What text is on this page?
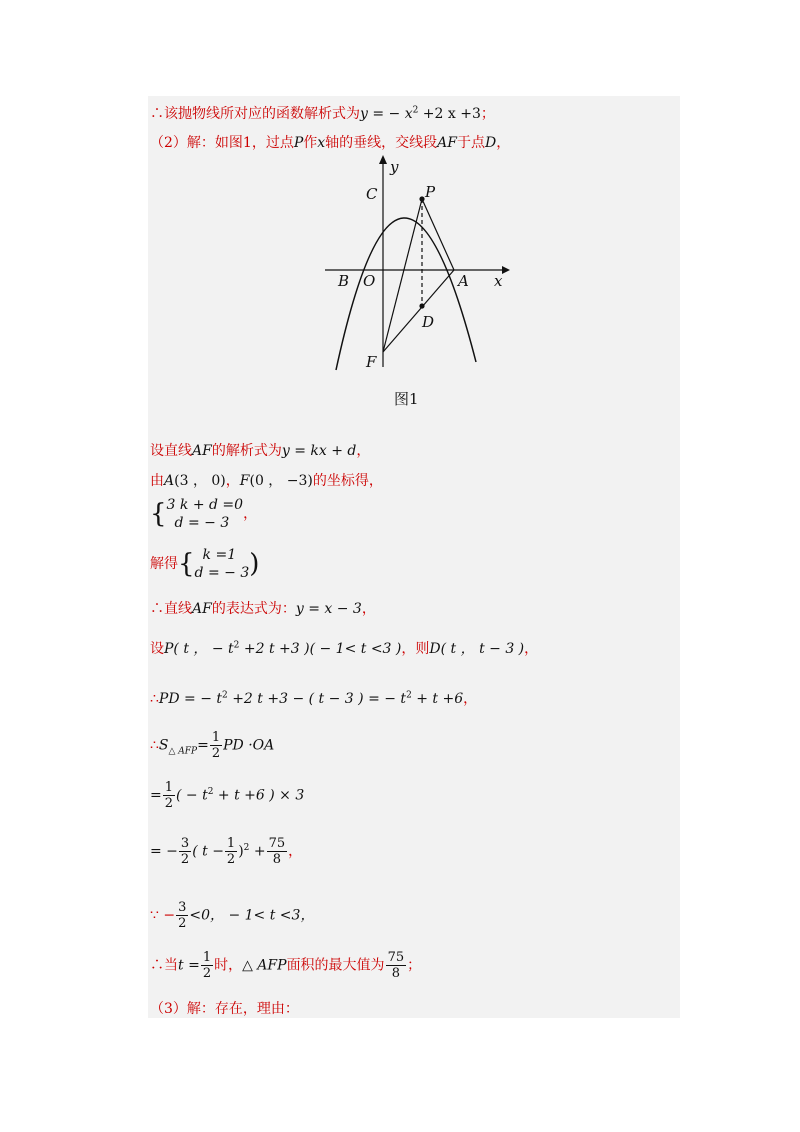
∴该抛物线所对应的函数解析式为y = − $x^2 +2$ x +3；
（2）解：如图1，过点P作x轴的垂线，交线段AF于点D，
y
x
C	P
B O	A
D
F
图1
设直线AF的解析式为y = kx + d，
由A(3 ， 0)，F(0 ， −3)的坐标得，
{ 3 k + d =0
d = − 3
，
解得{ k =1
d = − 3 )
∴直线AF的表达式为：y = x − 3，
设P( t ， − $t^2 +2$ t +3 )( − 1< t <3 )，则D( t ， t − 3 )，
∴PD = − $t^2 +2$ t +3 − ( t − 3 ) = − $t^2 + t +6$，
$\therefore S_{\triangle AFP}= \frac{1}{2}$ PD ·OA
= $\frac{1}{2}$ ( − $t^2 + t +6$ ) × 3
= − $\frac{3}{2}$ ( $t - \frac{1}{2} )^2 + \frac{75}{8}$ ，
∵ − $\frac{3}{2} <0$， − 1< t <3，
∴当$t = \frac{1}{2}$ 时，△ AFP面积的最大值为 $\frac{75}{8}$ ；
（3）解：存在，理由：
